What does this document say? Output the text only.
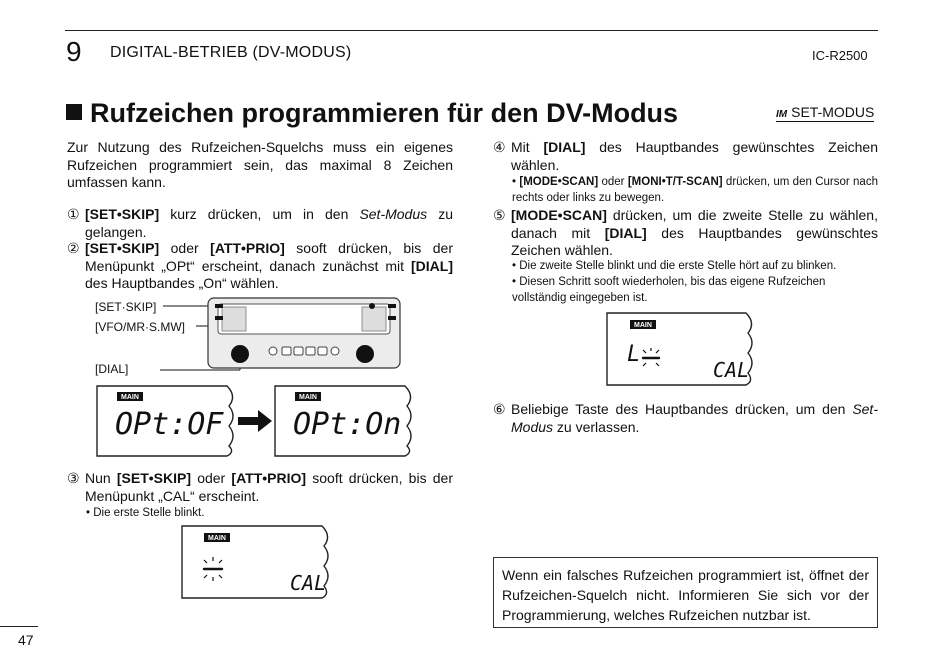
9 DIGITAL-BETRIEB (DV-MODUS)	IC-R2500
Rufzeichen programmieren für den DV-Modus	IM SET-MODUS
Zur Nutzung des Rufzeichen-Squelchs muss ein eigenes Rufzeichen programmiert sein, das maximal 8 Zeichen umfassen kann.
① [SET•SKIP] kurz drücken, um in den Set-Modus zu gelangen.
② [SET•SKIP] oder [ATT•PRIO] sooft drücken, bis der Menüpunkt „OPt“ erscheint, danach zunächst mit [DIAL] des Hauptbandes „On“ wählen.
[SET·SKIP]
[VFO/MR·S.MW]
[DIAL]
MAIN
OPt:OF
MAIN
OPt:On
③ Nun [SET•SKIP] oder [ATT•PRIO] sooft drücken, bis der Menüpunkt „CAL“ erscheint.
• Die erste Stelle blinkt.
MAIN
CAL
④ Mit [DIAL] des Hauptbandes gewünschtes Zeichen wählen.
• [MODE•SCAN] oder [MONI•T/T-SCAN] drücken, um den Cursor nach rechts oder links zu bewegen.
⑤ [MODE•SCAN] drücken, um die zweite Stelle zu wählen, danach mit [DIAL] des Hauptbandes gewünschtes Zeichen wählen.
• Die zweite Stelle blinkt und die erste Stelle hört auf zu blinken.
• Diesen Schritt sooft wiederholen, bis das eigene Rufzeichen vollständig eingegeben ist.
MAIN
L
CAL
⑥ Beliebige Taste des Hauptbandes drücken, um den Set-Modus zu verlassen.
Wenn ein falsches Rufzeichen programmiert ist, öffnet der Rufzeichen-Squelch nicht. Informieren Sie sich vor der Programmierung, welches Rufzeichen nutzbar ist.
47
